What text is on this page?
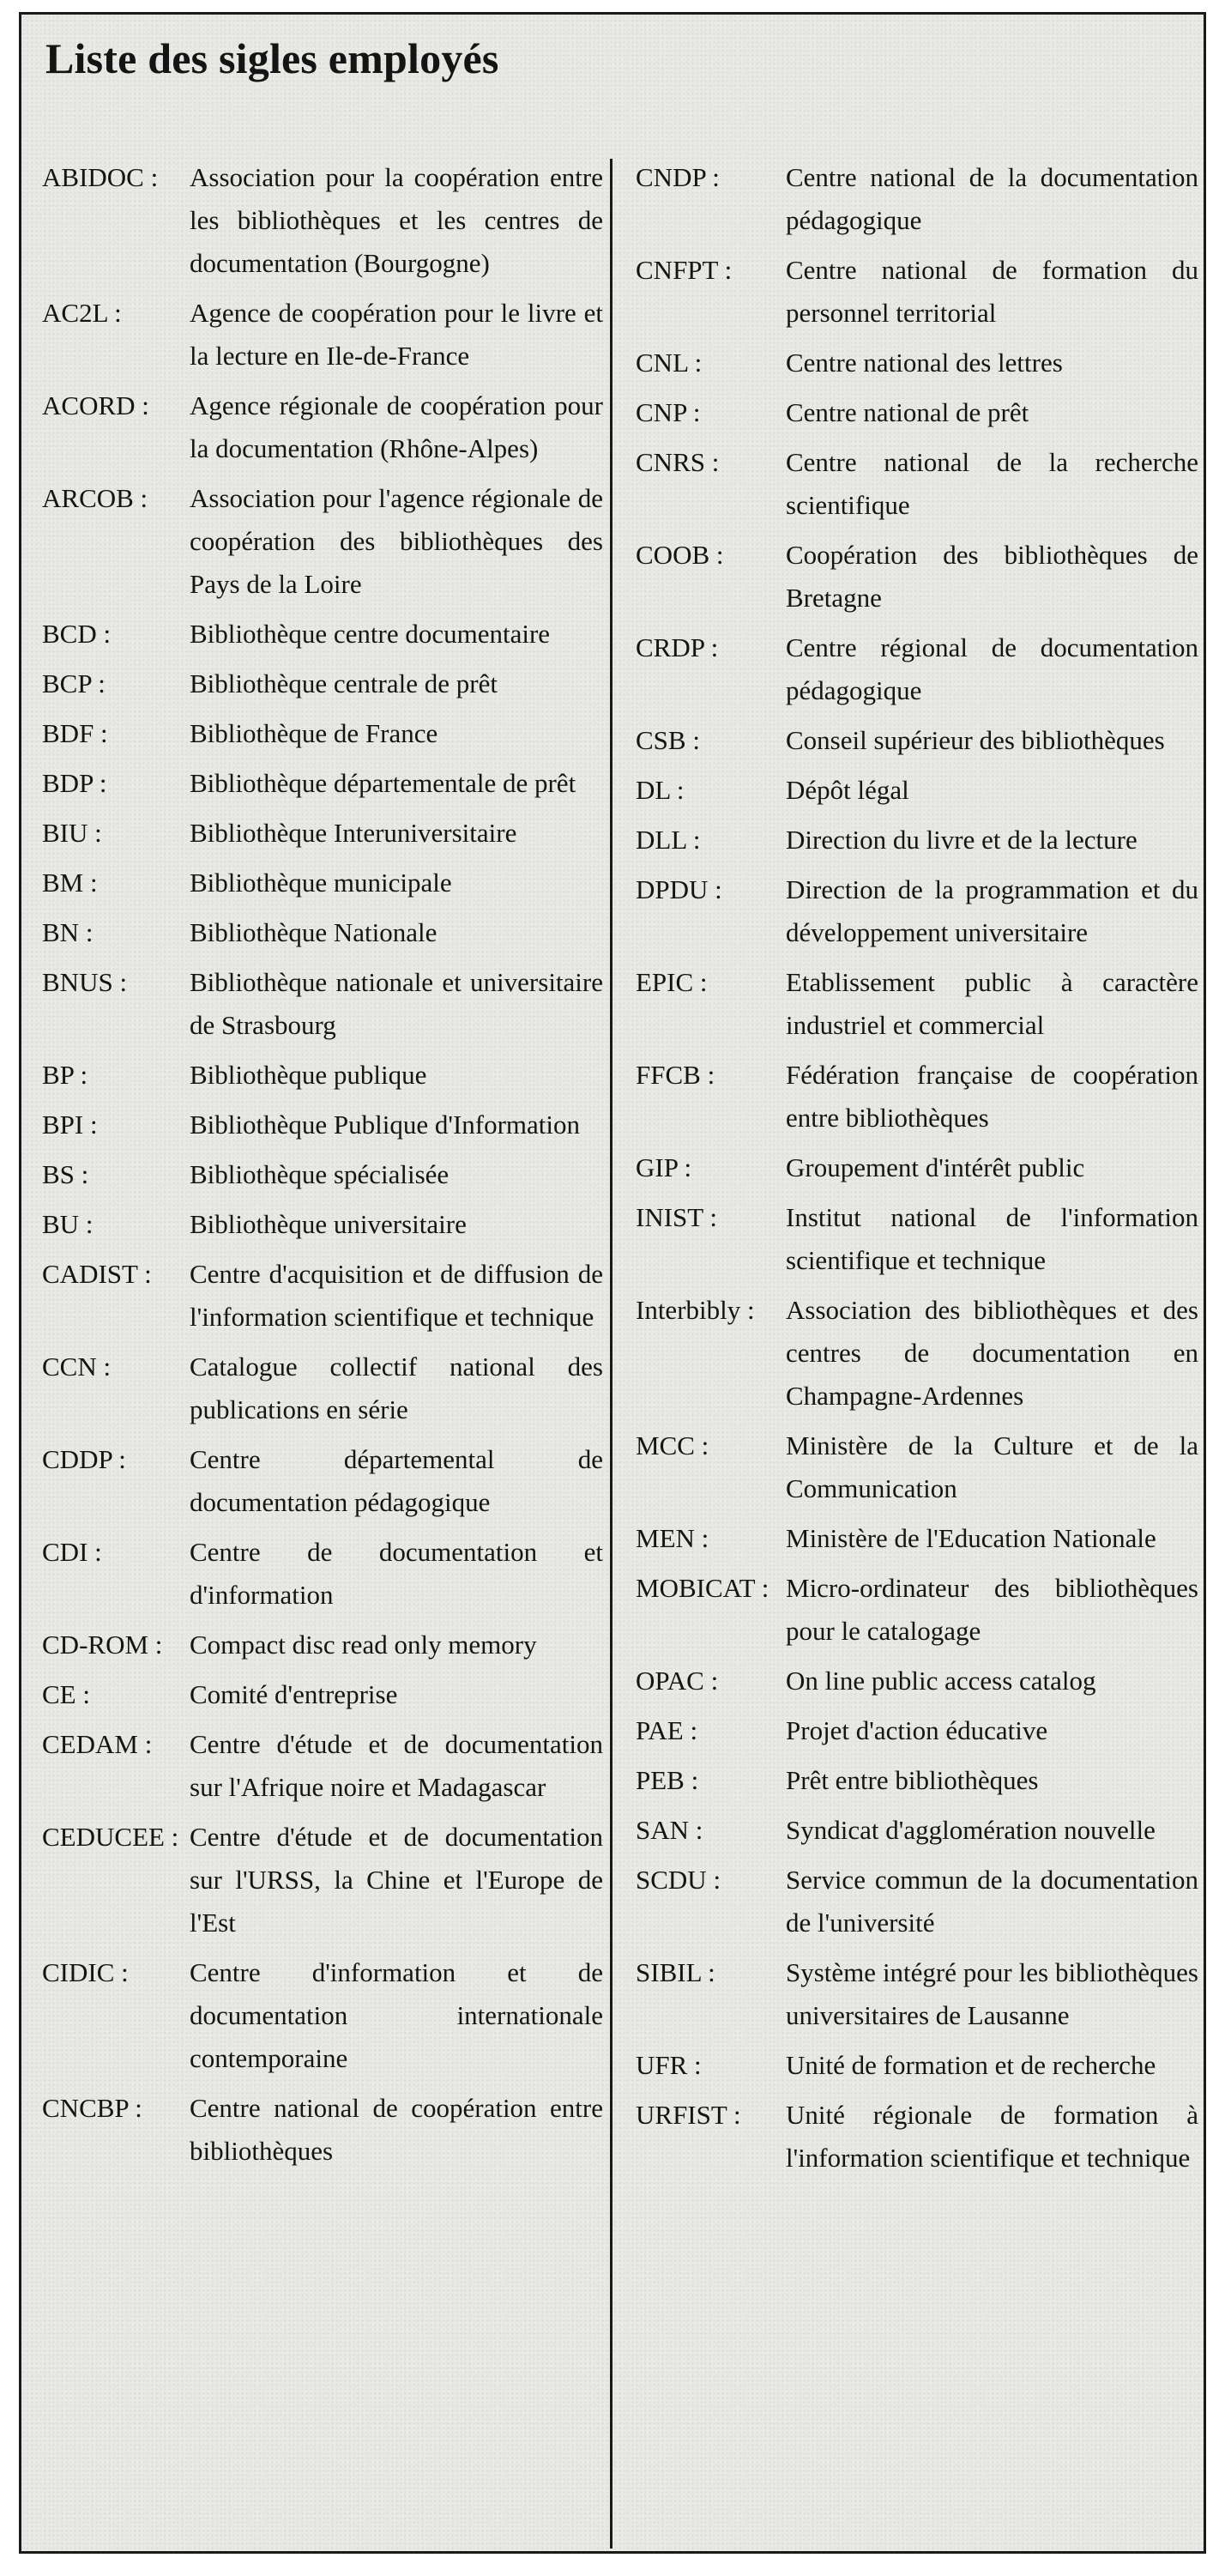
Liste des sigles employés
ABIDOC :	Association pour la coopération entre les bibliothèques et les centres de documentation (Bourgogne)
AC2L :	Agence de coopération pour le livre et la lecture en Ile-de-France
ACORD :	Agence régionale de coopération pour la documentation (Rhône-Alpes)
ARCOB :	Association pour l'agence régionale de coopération des bibliothèques des Pays de la Loire
BCD :	Bibliothèque centre documentaire
BCP :	Bibliothèque centrale de prêt
BDF :	Bibliothèque de France
BDP :	Bibliothèque départementale de prêt
BIU :	Bibliothèque Interuniversitaire
BM :	Bibliothèque municipale
BN :	Bibliothèque Nationale
BNUS :	Bibliothèque nationale et universitaire de Strasbourg
BP :	Bibliothèque publique
BPI :	Bibliothèque Publique d'Information
BS :	Bibliothèque spécialisée
BU :	Bibliothèque universitaire
CADIST :	Centre d'acquisition et de diffusion de l'information scientifique et technique
CCN :	Catalogue collectif national des publications en série
CDDP :	Centre départemental de documentation pédagogique
CDI :	Centre de documentation et d'information
CD-ROM :	Compact disc read only memory
CE :	Comité d'entreprise
CEDAM :	Centre d'étude et de documentation sur l'Afrique noire et Madagascar
CEDUCEE : Centre d'étude et de documentation sur l'URSS, la Chine et l'Europe de l'Est
CIDIC :	Centre d'information et de documentation internationale contemporaine
CNCBP :	Centre national de coopération entre bibliothèques
CNDP :	Centre national de la documentation pédagogique
CNFPT :	Centre national de formation du personnel territorial
CNL :	Centre national des lettres
CNP :	Centre national de prêt
CNRS :	Centre national de la recherche scientifique
COOB :	Coopération des bibliothèques de Bretagne
CRDP :	Centre régional de documentation pédagogique
CSB :	Conseil supérieur des bibliothèques
DL :	Dépôt légal
DLL :	Direction du livre et de la lecture
DPDU :	Direction de la programmation et du développement universitaire
EPIC :	Etablissement public à caractère industriel et commercial
FFCB :	Fédération française de coopération entre bibliothèques
GIP :	Groupement d'intérêt public
INIST :	Institut national de l'information scientifique et technique
Interbibly :	Association des bibliothèques et des centres de documentation en Champagne-Ardennes
MCC :	Ministère de la Culture et de la Communication
MEN :	Ministère de l'Education Nationale
MOBICAT : Micro-ordinateur des bibliothèques pour le catalogage
OPAC :	On line public access catalog
PAE :	Projet d'action éducative
PEB :	Prêt entre bibliothèques
SAN :	Syndicat d'agglomération nouvelle
SCDU :	Service commun de la documentation de l'université
SIBIL :	Système intégré pour les bibliothèques universitaires de Lausanne
UFR :	Unité de formation et de recherche
URFIST :	Unité régionale de formation à l'information scientifique et technique
